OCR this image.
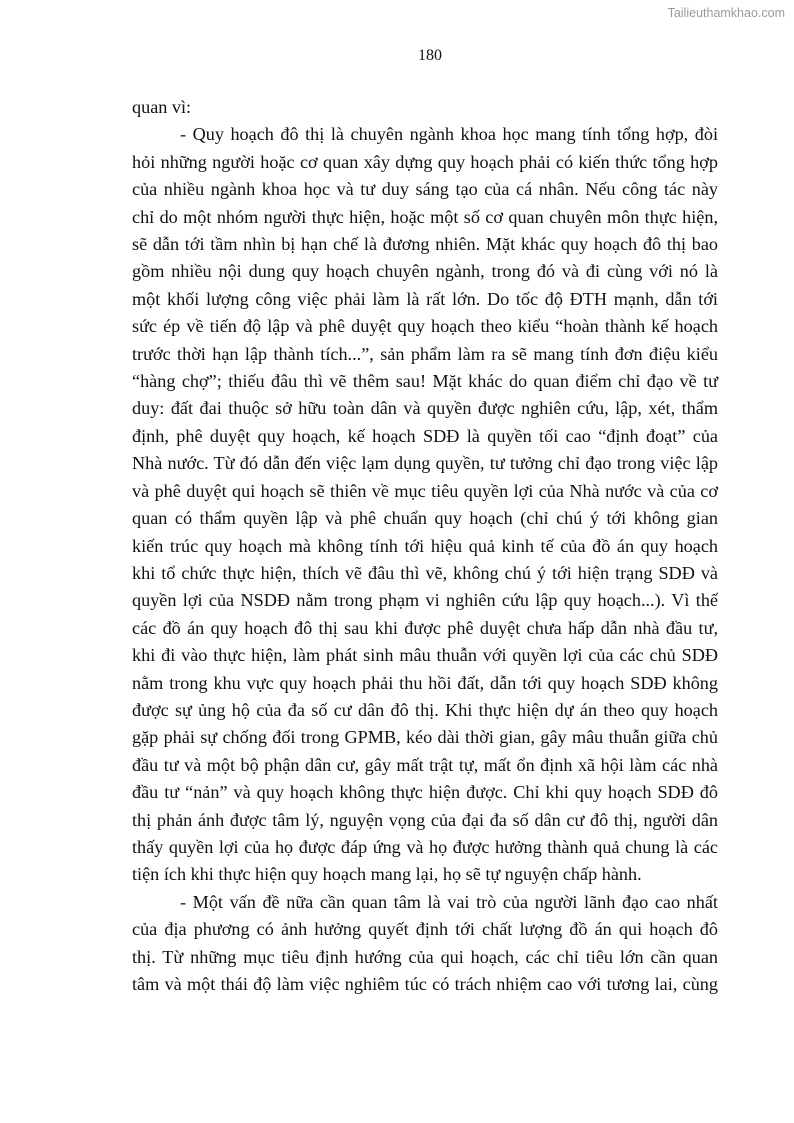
Tailieuthamkhao.com
180
quan vì:
- Quy hoạch đô thị là chuyên ngành khoa học mang tính tổng hợp, đòi
hỏi những người hoặc cơ quan xây dựng quy hoạch phải có kiến thức tổng hợp
của nhiều ngành khoa học và tư duy sáng tạo của cá nhân. Nếu công tác này
chỉ do một nhóm người thực hiện, hoặc một số cơ quan chuyên môn thực hiện,
sẽ dẫn tới tầm nhìn bị hạn chế là đương nhiên. Mặt khác quy hoạch đô thị bao
gồm nhiều nội dung quy hoạch chuyên ngành, trong đó và đi cùng với nó là
một khối lượng công việc phải làm là rất lớn. Do tốc độ ĐTH mạnh, dẫn tới
sức ép về tiến độ lập và phê duyệt quy hoạch theo kiểu “hoàn thành kế hoạch
trước thời hạn lập thành tích...”, sản phẩm làm ra sẽ mang tính đơn điệu kiểu
“hàng chợ”; thiếu đâu thì vẽ thêm sau! Mặt khác do quan điểm chỉ đạo về tư
duy: đất đai thuộc sở hữu toàn dân và quyền được nghiên cứu, lập, xét, thẩm
định, phê duyệt quy hoạch, kế hoạch SDĐ là quyền tối cao “định đoạt” của
Nhà nước. Từ đó dẫn đến việc lạm dụng quyền, tư tưởng chỉ đạo trong việc lập
và phê duyệt qui hoạch sẽ thiên về mục tiêu quyền lợi của Nhà nước và của cơ
quan có thẩm quyền lập và phê chuẩn quy hoạch (chỉ chú ý tới không gian
kiến trúc quy hoạch mà không tính tới hiệu quả kinh tế của đồ án quy hoạch
khi tổ chức thực hiện, thích vẽ đâu thì vẽ, không chú ý tới hiện trạng SDĐ và
quyền lợi của NSDĐ nằm trong phạm vi nghiên cứu lập quy hoạch...). Vì thế
các đồ án quy hoạch đô thị sau khi được phê duyệt chưa hấp dẫn nhà đầu tư,
khi đi vào thực hiện, làm phát sinh mâu thuẫn với quyền lợi của các chủ SDĐ
nằm trong khu vực quy hoạch phải thu hồi đất, dẫn tới quy hoạch SDĐ không
được sự ủng hộ của đa số cư dân đô thị. Khi thực hiện dự án theo quy hoạch
gặp phải sự chống đối trong GPMB, kéo dài thời gian, gây mâu thuẫn giữa chủ
đầu tư và một bộ phận dân cư, gây mất trật tự, mất ổn định xã hội làm các nhà
đầu tư “nản” và quy hoạch không thực hiện được. Chỉ khi quy hoạch SDĐ đô
thị phản ánh được tâm lý, nguyện vọng của đại đa số dân cư đô thị, người dân
thấy quyền lợi của họ được đáp ứng và họ được hưởng thành quả chung là các
tiện ích khi thực hiện quy hoạch mang lại, họ sẽ tự nguyện chấp hành.
- Một vấn đề nữa cần quan tâm là vai trò của người lãnh đạo cao nhất
của địa phương có ảnh hưởng quyết định tới chất lượng đồ án qui hoạch đô
thị. Từ những mục tiêu định hướng của qui hoạch, các chỉ tiêu lớn cần quan
tâm và một thái độ làm việc nghiêm túc có trách nhiệm cao với tương lai, cùng
